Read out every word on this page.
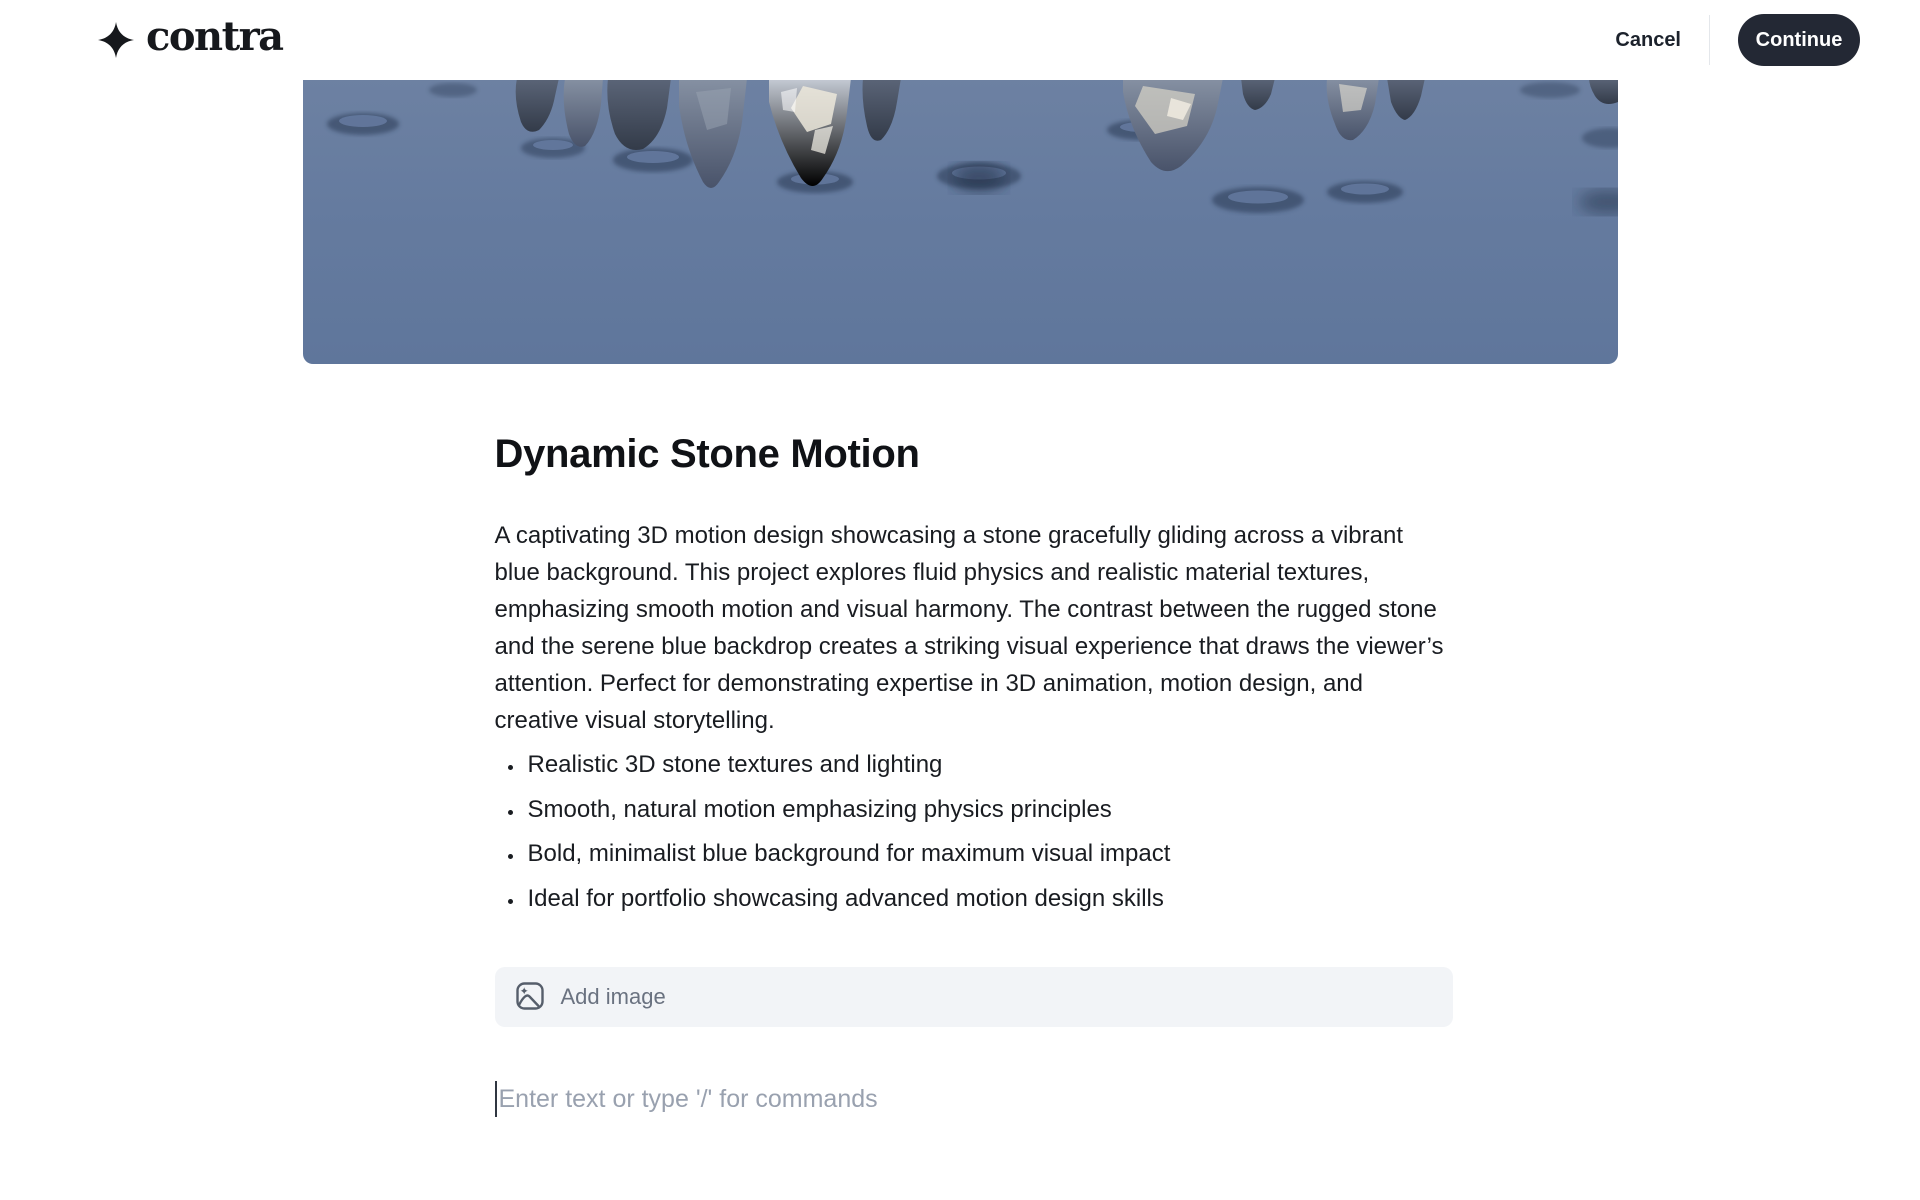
contra	Cancel	Continue
Dynamic Stone Motion

A captivating 3D motion design showcasing a stone gracefully gliding across a vibrant blue background. This project explores fluid physics and realistic material textures, emphasizing smooth motion and visual harmony. The contrast between the rugged stone and the serene blue backdrop creates a striking visual experience that draws the viewer’s attention. Perfect for demonstrating expertise in 3D animation, motion design, and creative visual storytelling.

• Realistic 3D stone textures and lighting
• Smooth, natural motion emphasizing physics principles
• Bold, minimalist blue background for maximum visual impact
• Ideal for portfolio showcasing advanced motion design skills
Add image
Enter text or type '/' for commands
